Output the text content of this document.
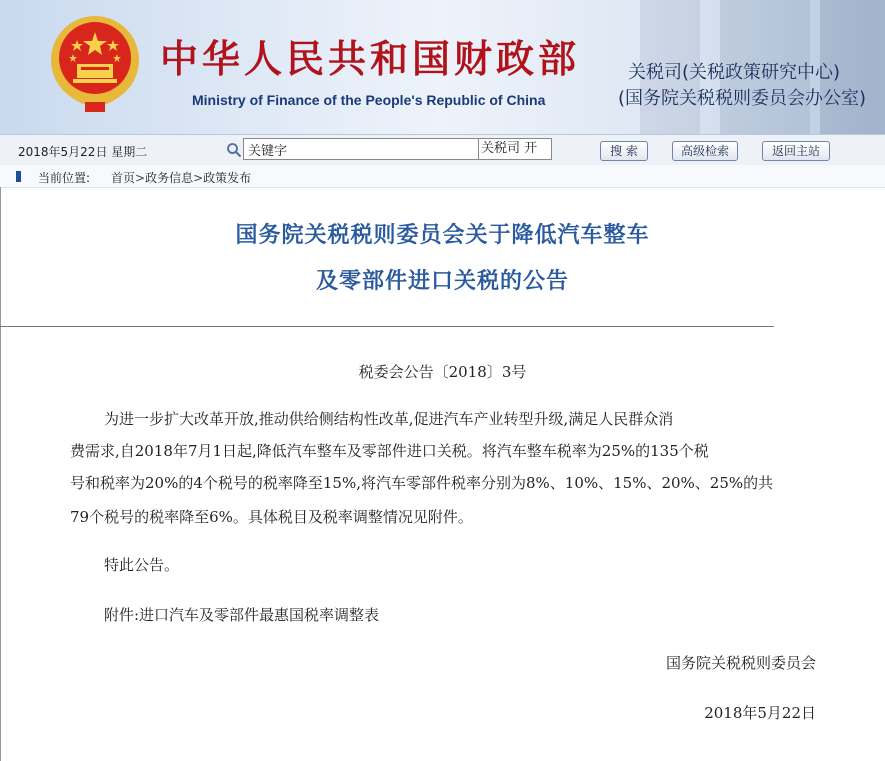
中华人民共和国财政部
Ministry of Finance of the People's Republic of China
关税司(关税政策研究中心)
(国务院关税税则委员会办公室)
2018年5月22日 星期二
关键字	关税司 开	搜 索	高级检索	返回主站
当前位置: 首页>政务信息>政策发布
国务院关税税则委员会关于降低汽车整车
及零部件进口关税的公告
税委会公告〔2018〕3号
为进一步扩大改革开放,推动供给侧结构性改革,促进汽车产业转型升级,满足人民群众消
费需求,自2018年7月1日起,降低汽车整车及零部件进口关税。将汽车整车税率为25%的135个税
号和税率为20%的4个税号的税率降至15%,将汽车零部件税率分别为8%、10%、15%、20%、25%的共
79个税号的税率降至6%。具体税目及税率调整情况见附件。
特此公告。
附件:进口汽车及零部件最惠国税率调整表
国务院关税税则委员会
2018年5月22日
